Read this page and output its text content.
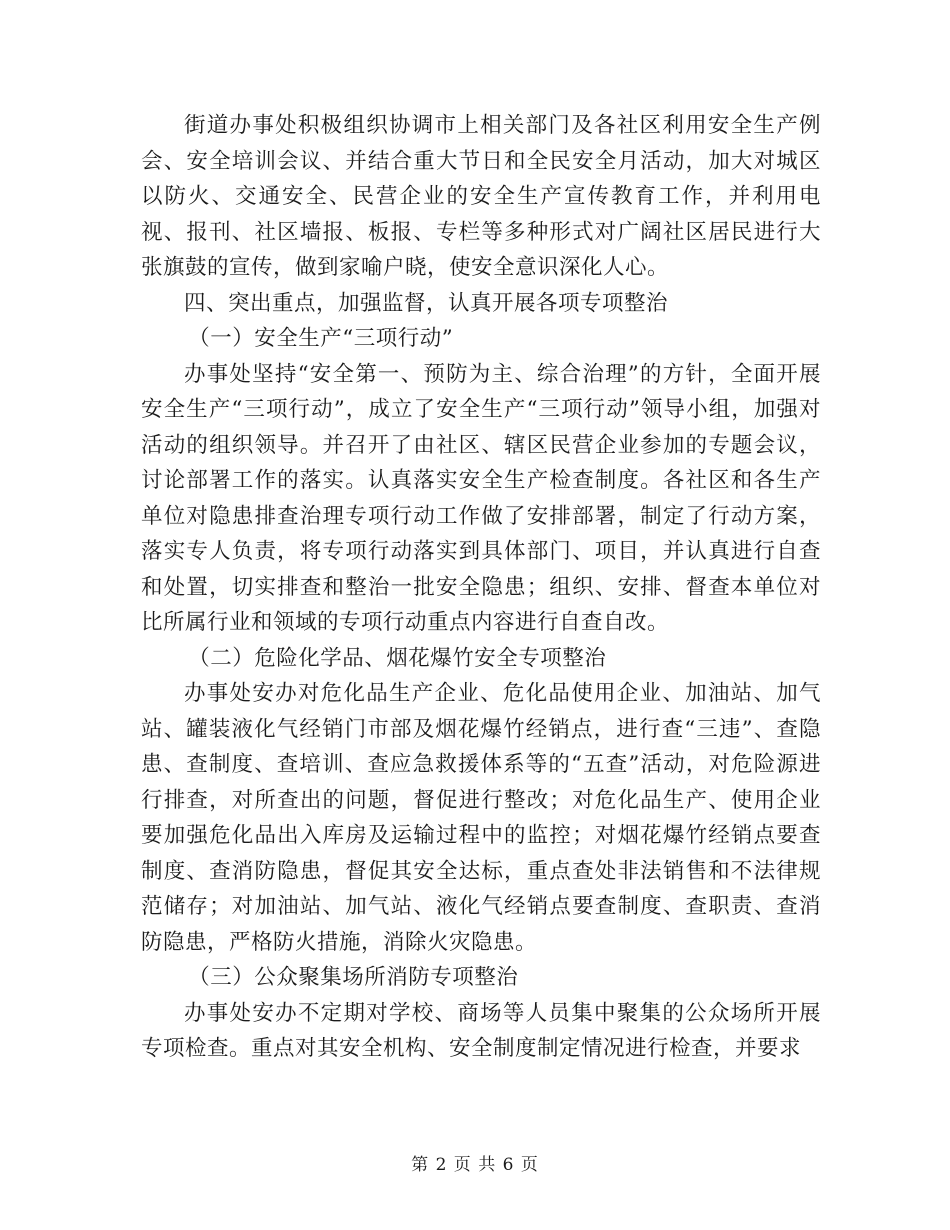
街道办事处积极组织协调市上相关部门及各社区利用安全生产例会、安全培训会议、并结合重大节日和全民安全月活动，加大对城区以防火、交通安全、民营企业的安全生产宣传教育工作，并利用电视、报刊、社区墙报、板报、专栏等多种形式对广阔社区居民进行大张旗鼓的宣传，做到家喻户晓，使安全意识深化人心。

四、突出重点，加强监督，认真开展各项专项整治

（一）安全生产“三项行动”

办事处坚持“安全第一、预防为主、综合治理”的方针，全面开展安全生产“三项行动”，成立了安全生产“三项行动”领导小组，加强对活动的组织领导。并召开了由社区、辖区民营企业参加的专题会议，讨论部署工作的落实。认真落实安全生产检查制度。各社区和各生产单位对隐患排查治理专项行动工作做了安排部署，制定了行动方案，落实专人负责，将专项行动落实到具体部门、项目，并认真进行自查和处置，切实排查和整治一批安全隐患；组织、安排、督查本单位对比所属行业和领域的专项行动重点内容进行自查自改。

（二）危险化学品、烟花爆竹安全专项整治

办事处安办对危化品生产企业、危化品使用企业、加油站、加气站、罐装液化气经销门市部及烟花爆竹经销点，进行查“三违”、查隐患、查制度、查培训、查应急救援体系等的“五查”活动，对危险源进行排查，对所查出的问题，督促进行整改；对危化品生产、使用企业要加强危化品出入库房及运输过程中的监控；对烟花爆竹经销点要查制度、查消防隐患，督促其安全达标，重点查处非法销售和不法律规范储存；对加油站、加气站、液化气经销点要查制度、查职责、查消防隐患，严格防火措施，消除火灾隐患。

（三）公众聚集场所消防专项整治

办事处安办不定期对学校、商场等人员集中聚集的公众场所开展专项检查。重点对其安全机构、安全制度制定情况进行检查，并要求

第 2 页 共 6 页
